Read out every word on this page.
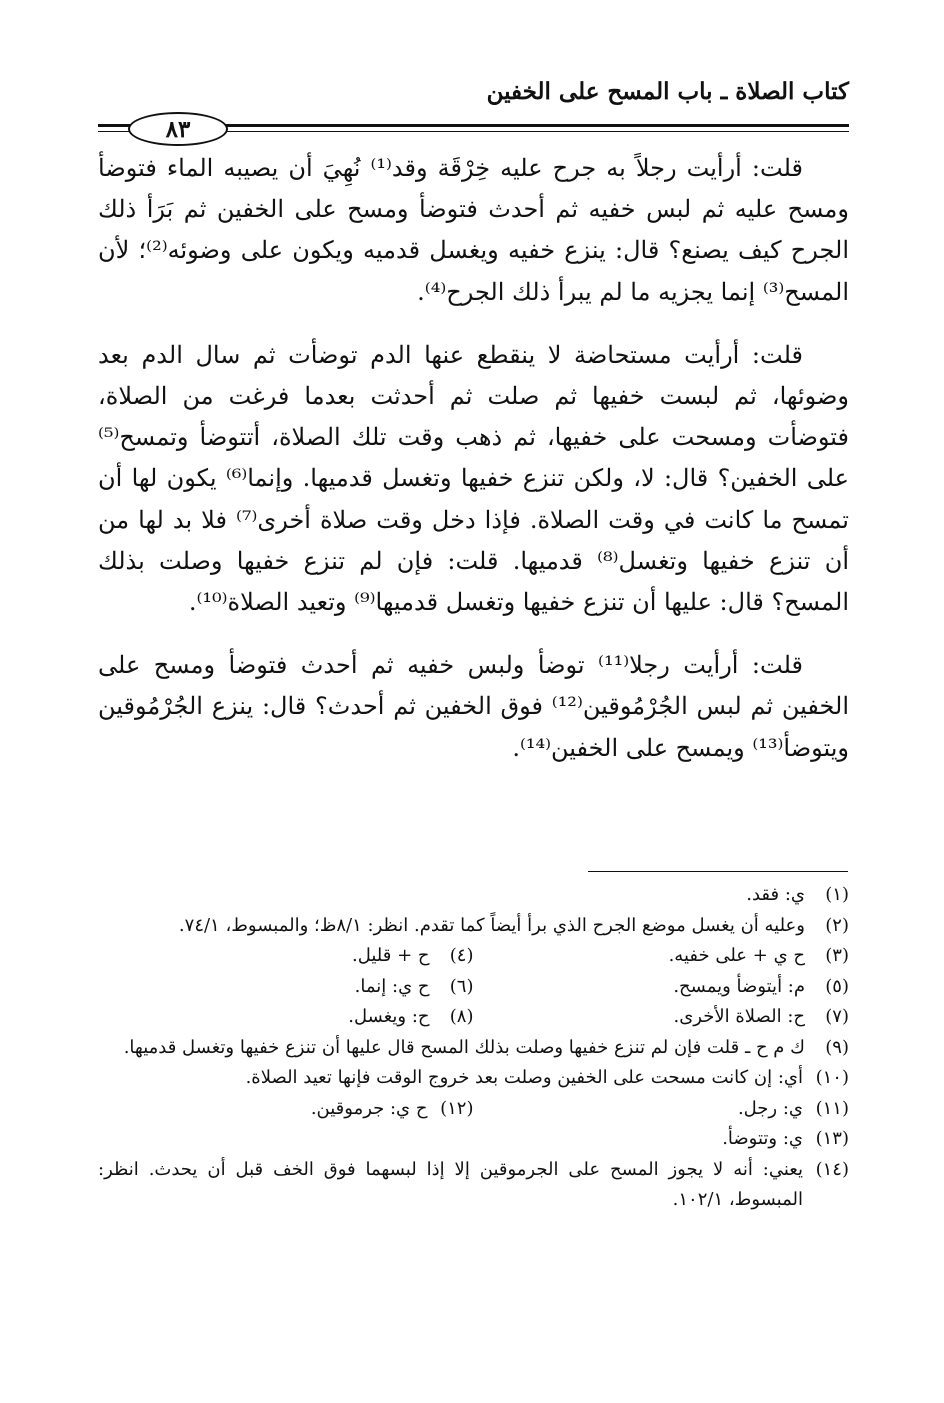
كتاب الصلاة ـ باب المسح على الخفين
٨٣

قلت: أرأيت رجلاً به جرح عليه خِرْقَة وقد⁽¹⁾ نُهِيَ أن يصيبه الماء فتوضأ ومسح عليه ثم لبس خفيه ثم أحدث فتوضأ ومسح على الخفين ثم بَرَأ ذلك الجرح كيف يصنع؟ قال: ينزع خفيه ويغسل قدميه ويكون على وضوئه⁽²⁾؛ لأن المسح⁽³⁾ إنما يجزيه ما لم يبرأ ذلك الجرح⁽⁴⁾.

قلت: أرأيت مستحاضة لا ينقطع عنها الدم توضأت ثم سال الدم بعد وضوئها، ثم لبست خفيها ثم صلت ثم أحدثت بعدما فرغت من الصلاة، فتوضأت ومسحت على خفيها، ثم ذهب وقت تلك الصلاة، أتتوضأ وتمسح⁽⁵⁾ على الخفين؟ قال: لا، ولكن تنزع خفيها وتغسل قدميها. وإنما⁽⁶⁾ يكون لها أن تمسح ما كانت في وقت الصلاة. فإذا دخل وقت صلاة أخرى⁽⁷⁾ فلا بد لها من أن تنزع خفيها وتغسل⁽⁸⁾ قدميها. قلت: فإن لم تنزع خفيها وصلت بذلك المسح؟ قال: عليها أن تنزع خفيها وتغسل قدميها⁽⁹⁾ وتعيد الصلاة⁽¹⁰⁾.

قلت: أرأيت رجلا⁽¹¹⁾ توضأ ولبس خفيه ثم أحدث فتوضأ ومسح على الخفين ثم لبس الجُرْمُوقين⁽¹²⁾ فوق الخفين ثم أحدث؟ قال: ينزع الجُرْمُوقين ويتوضأ⁽¹³⁾ ويمسح على الخفين⁽¹⁴⁾.

(١)
ي: فقد.
(٢)
وعليه أن يغسل موضع الجرح الذي برأ أيضاً كما تقدم. انظر: ٨/١ظ؛ والمبسوط، ٧٤/١.
(٣)
ح ي + على خفيه.
(٤)
ح + قليل.
(٥)
م: أيتوضأ ويمسح.
(٦)
ح ي: إنما.
(٧)
ح: الصلاة الأخرى.
(٨)
ح: ويغسل.
(٩)
ك م ح ـ قلت فإن لم تنزع خفيها وصلت بذلك المسح قال عليها أن تنزع خفيها وتغسل قدميها.
(١٠)
أي: إن كانت مسحت على الخفين وصلت بعد خروج الوقت فإنها تعيد الصلاة.
(١١)
ي: رجل.
(١٢)
ح ي: جرموقين.
(١٣)
ي: وتتوضأ.
(١٤)
يعني: أنه لا يجوز المسح على الجرموقين إلا إذا لبسهما فوق الخف قبل أن يحدث. انظر: المبسوط، ١٠٢/١.
